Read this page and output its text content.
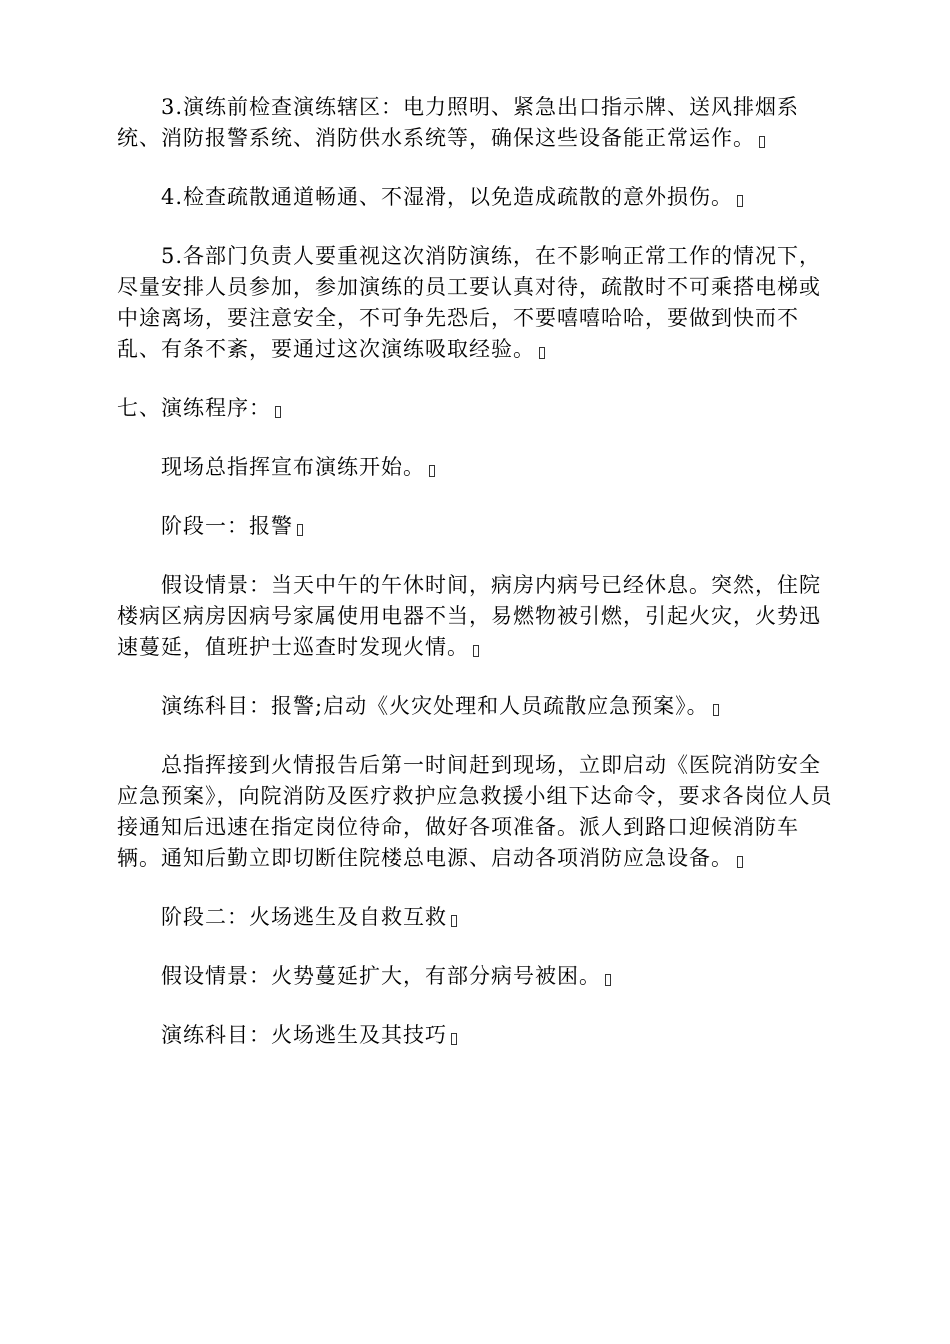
3.演练前检查演练辖区：电力照明、紧急出口指示牌、送风排烟系统、消防报警系统、消防供水系统等，确保这些设备能正常运作。

4.检查疏散通道畅通、不湿滑，以免造成疏散的意外损伤。

5.各部门负责人要重视这次消防演练，在不影响正常工作的情况下，尽量安排人员参加，参加演练的员工要认真对待，疏散时不可乘搭电梯或中途离场，要注意安全，不可争先恐后，不要嘻嘻哈哈，要做到快而不乱、有条不紊，要通过这次演练吸取经验。

七、演练程序：

现场总指挥宣布演练开始。

阶段一：报警

假设情景：当天中午的午休时间，病房内病号已经休息。突然，住院楼病区病房因病号家属使用电器不当，易燃物被引燃，引起火灾，火势迅速蔓延，值班护士巡查时发现火情。

演练科目：报警;启动《火灾处理和人员疏散应急预案》。

总指挥接到火情报告后第一时间赶到现场，立即启动《医院消防安全应急预案》，向院消防及医疗救护应急救援小组下达命令，要求各岗位人员接通知后迅速在指定岗位待命，做好各项准备。派人到路口迎候消防车辆。通知后勤立即切断住院楼总电源、启动各项消防应急设备。

阶段二：火场逃生及自救互救

假设情景：火势蔓延扩大，有部分病号被困。

演练科目：火场逃生及其技巧
